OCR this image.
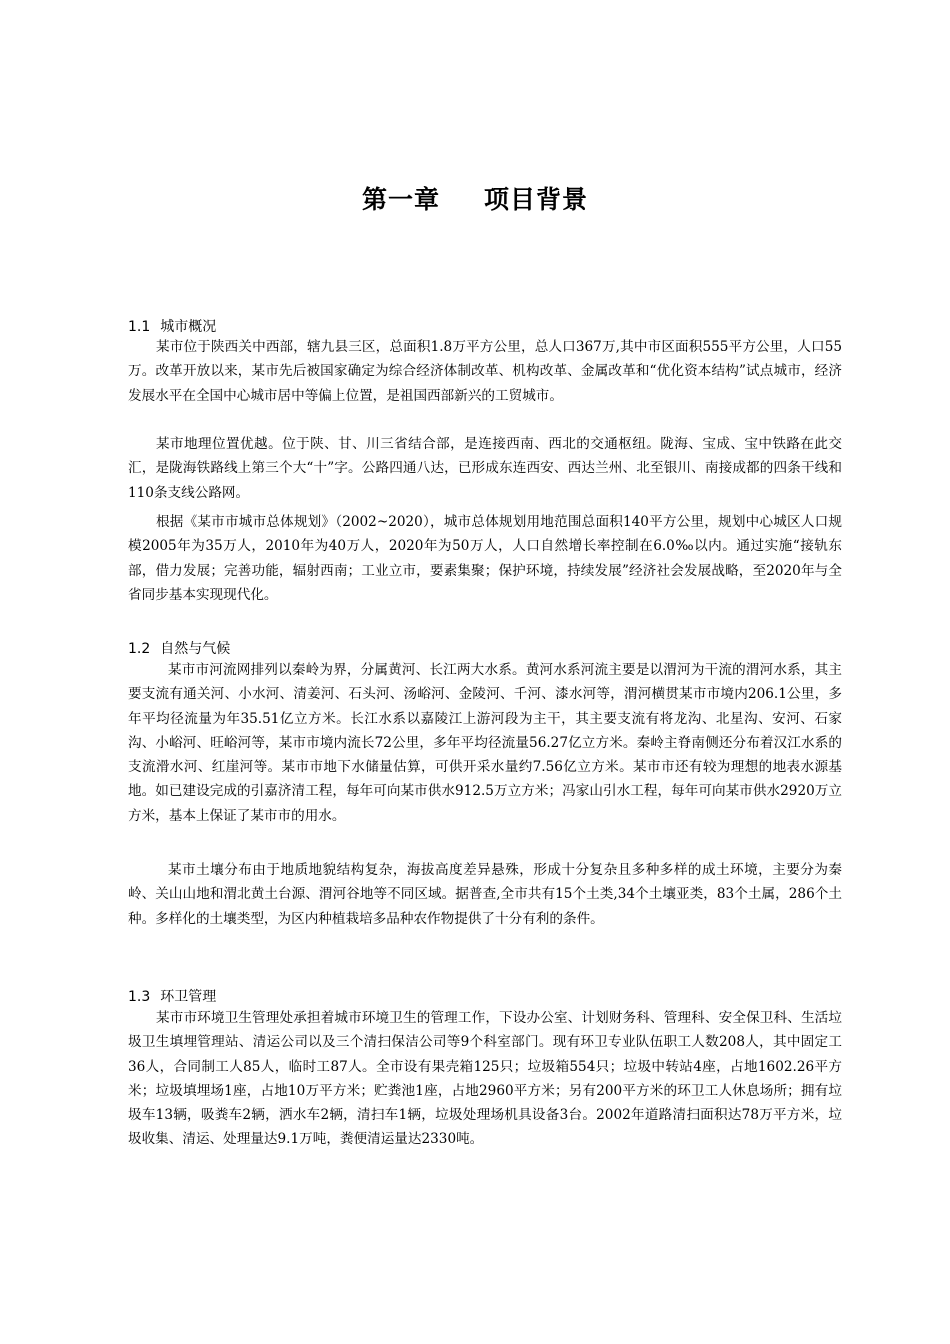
第一章 项目背景
1.1 城市概况

某市位于陕西关中西部，辖九县三区，总面积1.8万平方公里，总人口367万,其中市区面积555平方公里，人口55万。改革开放以来，某市先后被国家确定为综合经济体制改革、机构改革、金属改革和“优化资本结构”试点城市，经济发展水平在全国中心城市居中等偏上位置，是祖国西部新兴的工贸城市。

某市地理位置优越。位于陕、甘、川三省结合部，是连接西南、西北的交通枢纽。陇海、宝成、宝中铁路在此交汇，是陇海铁路线上第三个大“十”字。公路四通八达，已形成东连西安、西达兰州、北至银川、南接成都的四条干线和110条支线公路网。

根据《某市市城市总体规划》（2002~2020），城市总体规划用地范围总面积140平方公里，规划中心城区人口规模2005年为35万人，2010年为40万人，2020年为50万人，人口自然增长率控制在6.0‰以内。通过实施“接轨东部，借力发展；完善功能，辐射西南；工业立市，要素集聚；保护环境，持续发展”经济社会发展战略，至2020年与全省同步基本实现现代化。

1.2 自然与气候

某市市河流网排列以秦岭为界，分属黄河、长江两大水系。黄河水系河流主要是以渭河为干流的渭河水系，其主要支流有通关河、小水河、清姜河、石头河、汤峪河、金陵河、千河、漆水河等，渭河横贯某市市境内206.1公里，多年平均径流量为年35.51亿立方米。长江水系以嘉陵江上游河段为主干，其主要支流有将龙沟、北星沟、安河、石家沟、小峪河、旺峪河等，某市市境内流长72公里，多年平均径流量56.27亿立方米。秦岭主脊南侧还分布着汉江水系的支流滑水河、红崖河等。某市市地下水储量估算，可供开采水量约7.56亿立方米。某市市还有较为理想的地表水源基地。如已建设完成的引嘉济清工程，每年可向某市供水912.5万立方米；冯家山引水工程，每年可向某市供水2920万立方米，基本上保证了某市市的用水。

某市土壤分布由于地质地貌结构复杂，海拔高度差异悬殊，形成十分复杂且多种多样的成土环境，主要分为秦岭、关山山地和渭北黄土台源、渭河谷地等不同区域。据普查,全市共有15个土类,34个土壤亚类，83个土属，286个土种。多样化的土壤类型，为区内种植栽培多品种农作物提供了十分有利的条件。

1.3 环卫管理

某市市环境卫生管理处承担着城市环境卫生的管理工作，下设办公室、计划财务科、管理科、安全保卫科、生活垃圾卫生填埋管理站、清运公司以及三个清扫保洁公司等9个科室部门。现有环卫专业队伍职工人数208人，其中固定工36人，合同制工人85人，临时工87人。全市设有果壳箱125只；垃圾箱554只；垃圾中转站4座，占地1602.26平方米；垃圾填埋场1座，占地10万平方米；贮粪池1座，占地2960平方米；另有200平方米的环卫工人休息场所；拥有垃圾车13辆，吸粪车2辆，洒水车2辆，清扫车1辆，垃圾处理场机具设备3台。2002年道路清扫面积达78万平方米，垃圾收集、清运、处理量达9.1万吨，粪便清运量达2330吨。
